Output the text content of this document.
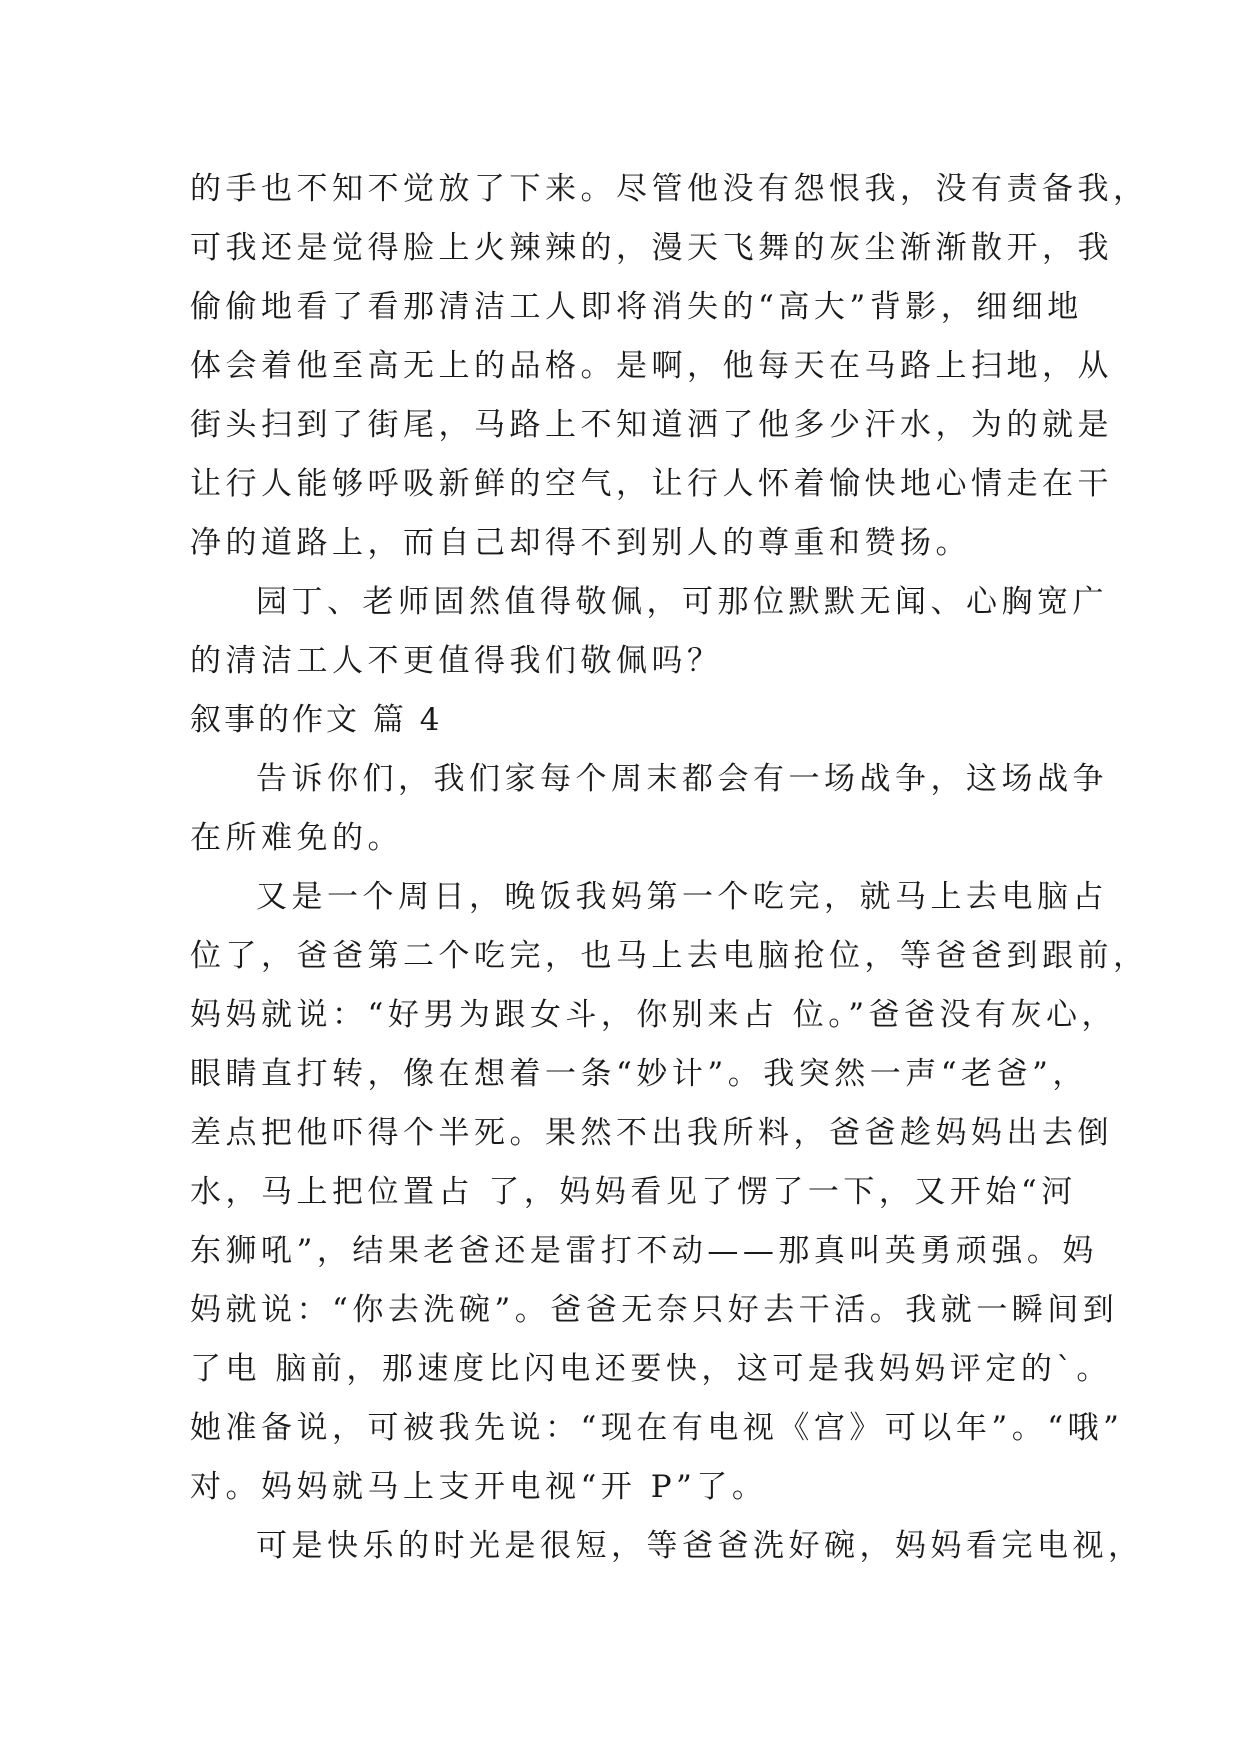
的手也不知不觉放了下来。尽管他没有怨恨我，没有责备我，
可我还是觉得脸上火辣辣的，漫天飞舞的灰尘渐渐散开，我
偷偷地看了看那清洁工人即将消失的“高大”背影，细细地
体会着他至高无上的品格。是啊，他每天在马路上扫地，从
街头扫到了街尾，马路上不知道洒了他多少汗水，为的就是
让行人能够呼吸新鲜的空气，让行人怀着愉快地心情走在干
净的道路上，而自己却得不到别人的尊重和赞扬。
园丁、老师固然值得敬佩，可那位默默无闻、心胸宽广
的清洁工人不更值得我们敬佩吗？
叙事的作文 篇 4
告诉你们，我们家每个周末都会有一场战争，这场战争
在所难免的。
又是一个周日，晚饭我妈第一个吃完，就马上去电脑占
位了，爸爸第二个吃完，也马上去电脑抢位，等爸爸到跟前，
妈妈就说：“好男为跟女斗，你别来占 位。”爸爸没有灰心，
眼睛直打转，像在想着一条“妙计”。我突然一声“老爸”，
差点把他吓得个半死。果然不出我所料，爸爸趁妈妈出去倒
水，马上把位置占 了，妈妈看见了愣了一下，又开始“河
东狮吼”，结果老爸还是雷打不动——那真叫英勇顽强。妈
妈就说：“你去洗碗”。爸爸无奈只好去干活。我就一瞬间到
了电 脑前，那速度比闪电还要快，这可是我妈妈评定的`。
她准备说，可被我先说：“现在有电视《宫》可以年”。“哦”
对。妈妈就马上支开电视“开 P”了。
可是快乐的时光是很短，等爸爸洗好碗，妈妈看完电视，
